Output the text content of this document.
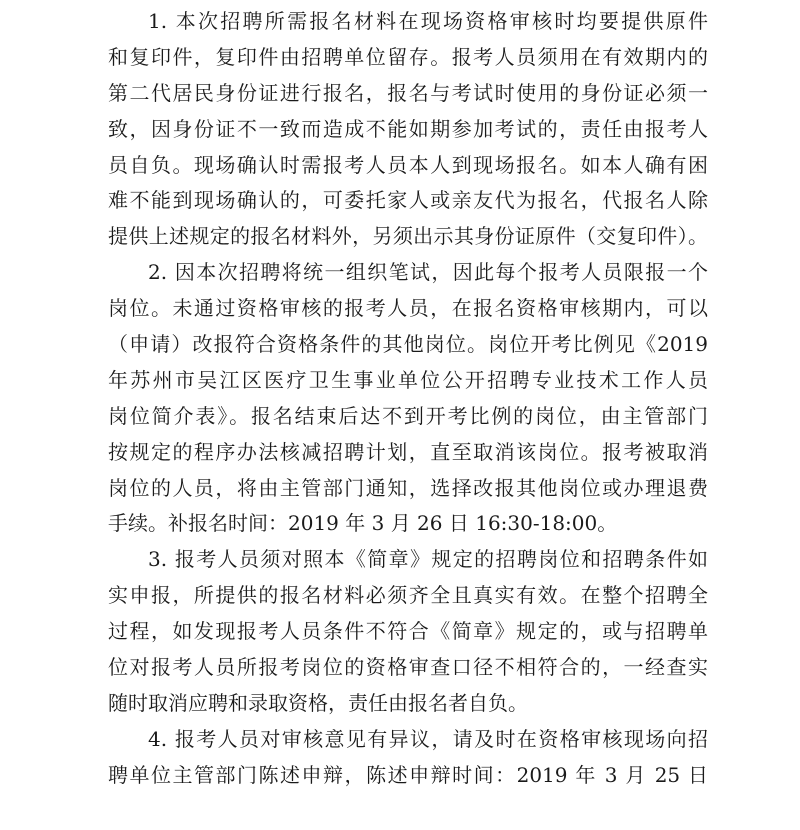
1. 本次招聘所需报名材料在现场资格审核时均要提供原件
和复印件，复印件由招聘单位留存。报考人员须用在有效期内的
第二代居民身份证进行报名，报名与考试时使用的身份证必须一
致，因身份证不一致而造成不能如期参加考试的，责任由报考人
员自负。现场确认时需报考人员本人到现场报名。如本人确有困
难不能到现场确认的，可委托家人或亲友代为报名，代报名人除
提供上述规定的报名材料外，另须出示其身份证原件（交复印件）。
2. 因本次招聘将统一组织笔试，因此每个报考人员限报一个
岗位。未通过资格审核的报考人员，在报名资格审核期内，可以
（申请）改报符合资格条件的其他岗位。岗位开考比例见《2019
年苏州市吴江区医疗卫生事业单位公开招聘专业技术工作人员
岗位简介表》。报名结束后达不到开考比例的岗位，由主管部门
按规定的程序办法核减招聘计划，直至取消该岗位。报考被取消
岗位的人员，将由主管部门通知，选择改报其他岗位或办理退费
手续。补报名时间：2019 年 3 月 26 日 16:30-18:00。
3. 报考人员须对照本《简章》规定的招聘岗位和招聘条件如
实申报，所提供的报名材料必须齐全且真实有效。在整个招聘全
过程，如发现报考人员条件不符合《简章》规定的，或与招聘单
位对报考人员所报考岗位的资格审查口径不相符合的，一经查实
随时取消应聘和录取资格，责任由报名者自负。
4. 报考人员对审核意见有异议，请及时在资格审核现场向招
聘单位主管部门陈述申辩，陈述申辩时间：2019 年 3 月 25 日
